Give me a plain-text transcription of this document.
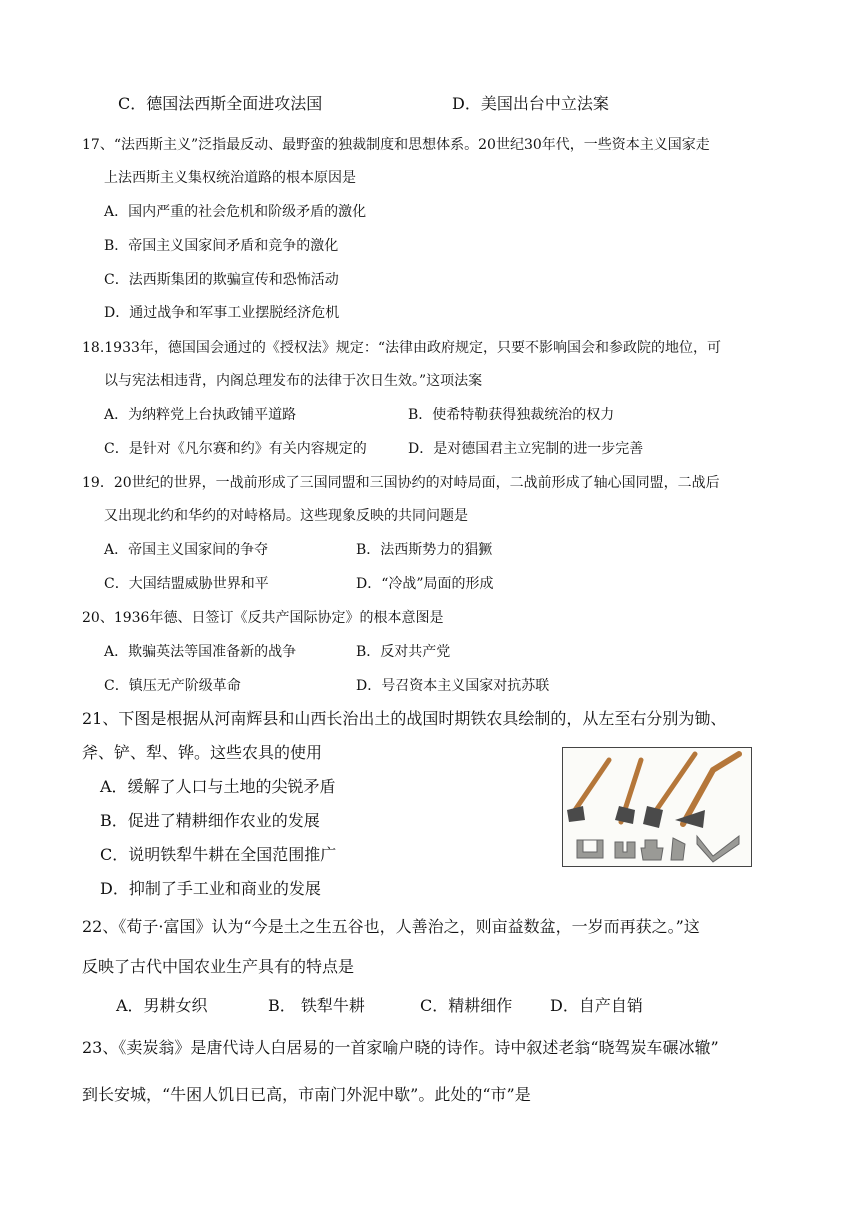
C．德国法西斯全面进攻法国	D．美国出台中立法案
17、“法西斯主义”泛指最反动、最野蛮的独裁制度和思想体系。20世纪30年代，一些资本主义国家走
上法西斯主义集权统治道路的根本原因是
A．国内严重的社会危机和阶级矛盾的激化
B．帝国主义国家间矛盾和竞争的激化
C．法西斯集团的欺骗宣传和恐怖活动
D．通过战争和军事工业摆脱经济危机
18.1933年，德国国会通过的《授权法》规定：“法律由政府规定，只要不影响国会和参政院的地位，可
以与宪法相违背，内阁总理发布的法律于次日生效。”这项法案
A．为纳粹党上台执政铺平道路	B．使希特勒获得独裁统治的权力
C．是针对《凡尔赛和约》有关内容规定的	D．是对德国君主立宪制的进一步完善
19．20世纪的世界，一战前形成了三国同盟和三国协约的对峙局面，二战前形成了轴心国同盟，二战后
又出现北约和华约的对峙格局。这些现象反映的共同问题是
A．帝国主义国家间的争夺	B．法西斯势力的猖獗
C．大国结盟威胁世界和平	D．“冷战”局面的形成
20、1936年德、日签订《反共产国际协定》的根本意图是
A．欺骗英法等国准备新的战争	B．反对共产党
C．镇压无产阶级革命	D．号召资本主义国家对抗苏联
21、下图是根据从河南辉县和山西长治出土的战国时期铁农具绘制的，从左至右分别为锄、
斧、铲、犁、铧。这些农具的使用
A．缓解了人口与土地的尖锐矛盾
B．促进了精耕细作农业的发展
C．说明铁犁牛耕在全国范围推广
D．抑制了手工业和商业的发展
22、《荀子·富国》认为“今是土之生五谷也，人善治之，则亩益数盆，一岁而再获之。”这
反映了古代中国农业生产具有的特点是
A．男耕女织	B． 铁犁牛耕	C．精耕细作 D．自产自销
23、《卖炭翁》是唐代诗人白居易的一首家喻户晓的诗作。诗中叙述老翁“晓驾炭车碾冰辙”
到长安城，“牛困人饥日已高，市南门外泥中歇”。此处的“市”是
